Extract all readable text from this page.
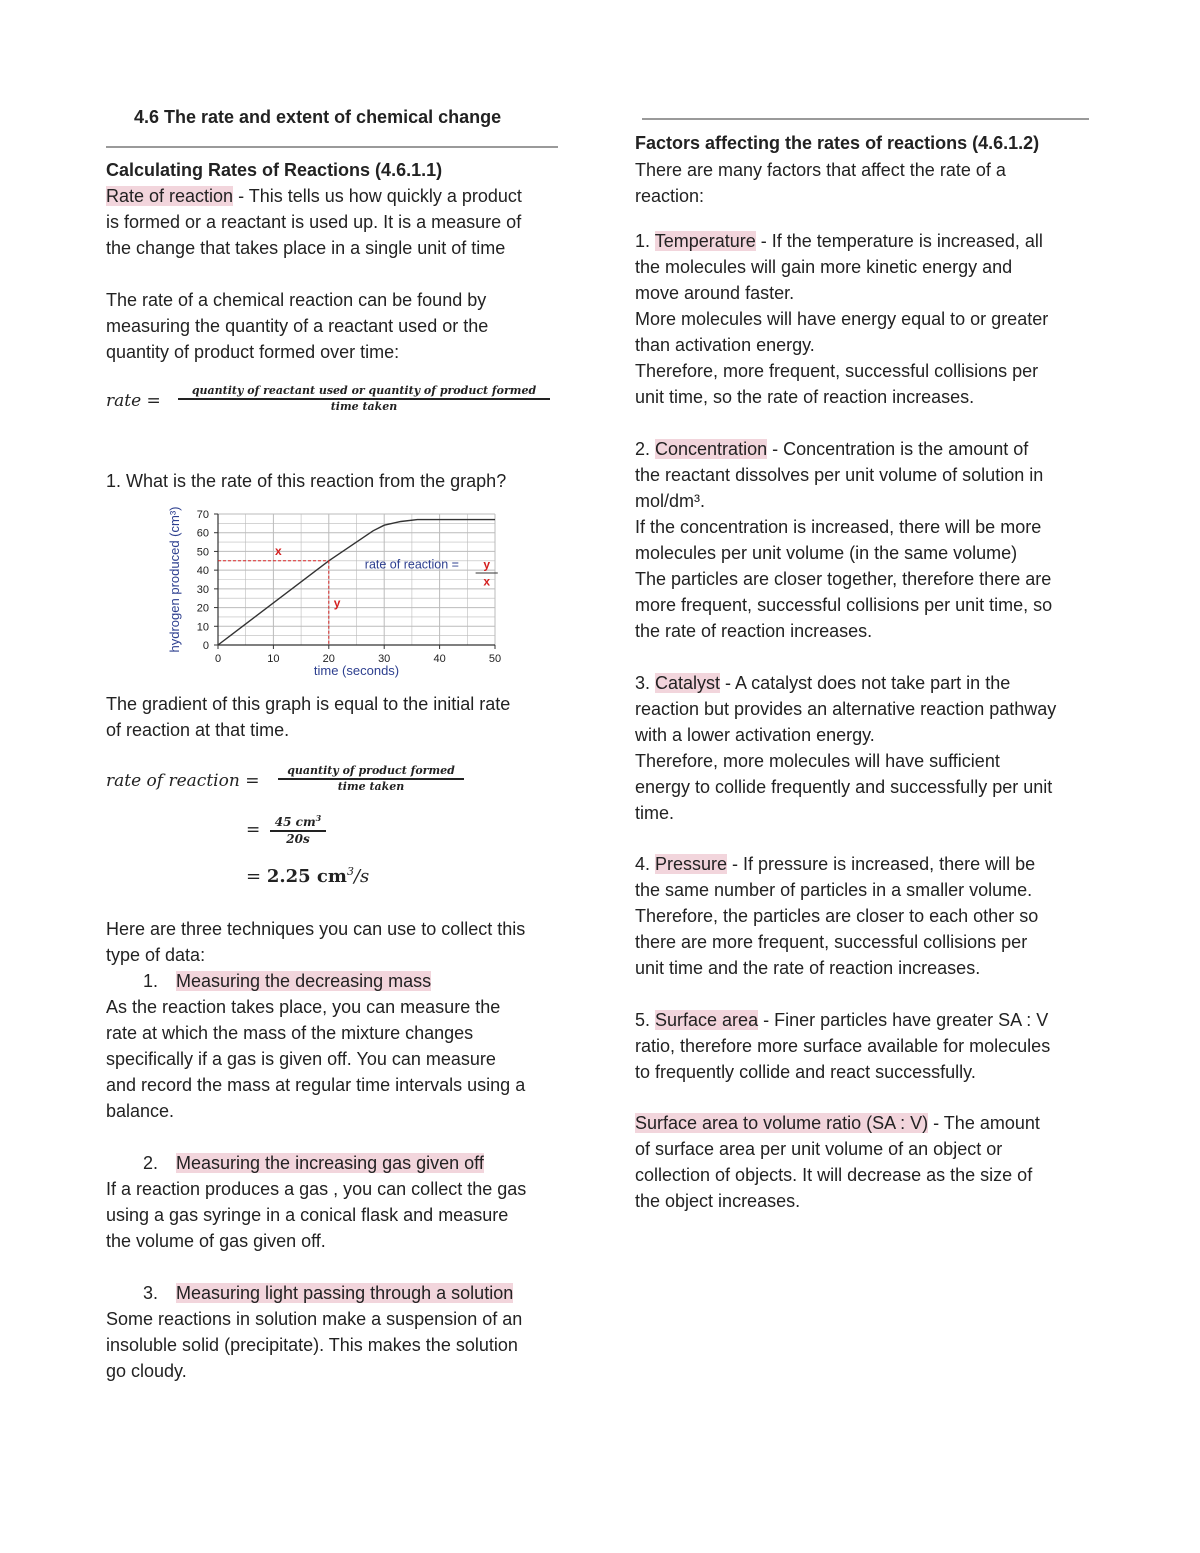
4.6 The rate and extent of chemical change
Calculating Rates of Reactions (4.6.1.1)
Rate of reaction - This tells us how quickly a product
is formed or a reactant is used up. It is a measure of
the change that takes place in a single unit of time
The rate of a chemical reaction can be found by
measuring the quantity of a reactant used or the
quantity of product formed over time:
rate =
quantity of reactant used or quantity of product formed
time taken
1. What is the rate of this reaction from the graph?
0	10	20	30	40	50
0
10
20
30
40
50
60
70
time (seconds)
hydrogen produced (cm³)	x
y
rate of reaction = y
x
The gradient of this graph is equal to the initial rate
of reaction at that time.
rate of reaction =
quantity of product formed
time taken
=	45 $cm^3$
20s
= 2.25 $cm^3/s$
Here are three techniques you can use to collect this
type of data:
1. Measuring the decreasing mass
As the reaction takes place, you can measure the
rate at which the mass of the mixture changes
specifically if a gas is given off. You can measure
and record the mass at regular time intervals using a
balance.
2. Measuring the increasing gas given off
If a reaction produces a gas , you can collect the gas
using a gas syringe in a conical flask and measure
the volume of gas given off.
3. Measuring light passing through a solution
Some reactions in solution make a suspension of an
insoluble solid (precipitate). This makes the solution
go cloudy.
Factors affecting the rates of reactions (4.6.1.2)
There are many factors that affect the rate of a
reaction:
1. Temperature - If the temperature is increased, all
the molecules will gain more kinetic energy and
move around faster.
More molecules will have energy equal to or greater
than activation energy.
Therefore, more frequent, successful collisions per
unit time, so the rate of reaction increases.
2. Concentration - Concentration is the amount of
the reactant dissolves per unit volume of solution in
mol/dm³.
If the concentration is increased, there will be more
molecules per unit volume (in the same volume)
The particles are closer together, therefore there are
more frequent, successful collisions per unit time, so
the rate of reaction increases.
3. Catalyst - A catalyst does not take part in the
reaction but provides an alternative reaction pathway
with a lower activation energy.
Therefore, more molecules will have sufficient
energy to collide frequently and successfully per unit
time.
4. Pressure - If pressure is increased, there will be
the same number of particles in a smaller volume.
Therefore, the particles are closer to each other so
there are more frequent, successful collisions per
unit time and the rate of reaction increases.
5. Surface area - Finer particles have greater SA : V
ratio, therefore more surface available for molecules
to frequently collide and react successfully.
Surface area to volume ratio (SA : V) - The amount
of surface area per unit volume of an object or
collection of objects. It will decrease as the size of
the object increases.
